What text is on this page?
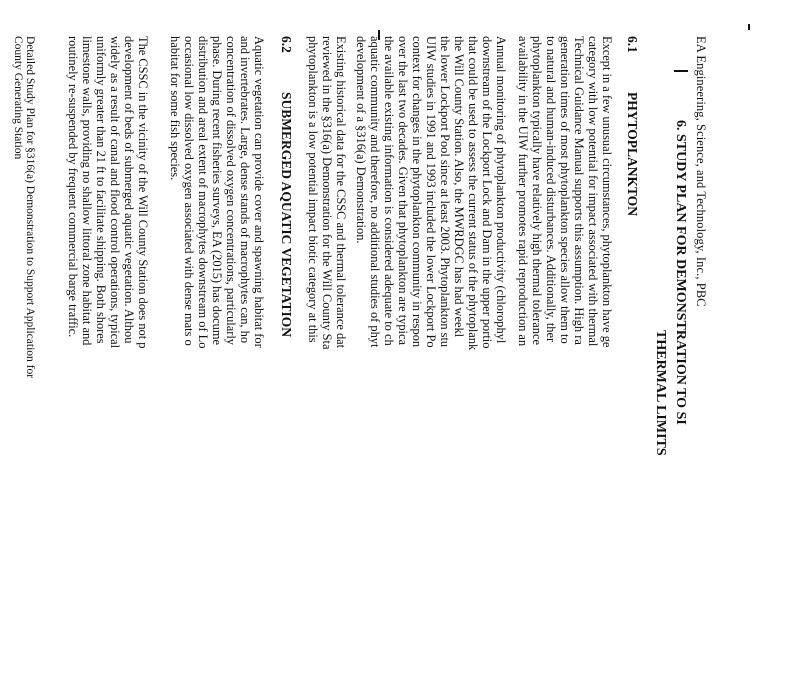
EA Engineering, Science, and Technology, Inc., PBC
6. STUDY PLAN FOR DEMONSTRATION TO SI
THERMAL LIMITS
6.1
PHYTOPLANKTON
Except in a few unusual circumstances, phytoplankton have ge
category with low potential for impact associated with thermal
Technical Guidance Manual supports this assumption. High ra
generation times of most phytoplankton species allow them to
to natural and human-induced disturbances. Additionally, ther
phytoplankton typically have relatively high thermal tolerance
availability in the UIW further promotes rapid reproduction an
Annual monitoring of phytoplankton productivity (chlorophyl
downstream of the Lockport Lock and Dam in the upper portio
that could be used to assess the current status of the phytoplank
the Will County Station. Also, the MWRDGC has had weekl
the lower Lockport Pool since at least 2003. Phytoplankton stu
UIW studies in 1991 and 1993 included the lower Lockport Po
context for changes in the phytoplankton community in respon
over the last two decades. Given that phytoplankton are typica
the available existing information is considered adequate to ch
aquatic community and therefore, no additional studies of phyt
development of a §316(a) Demonstration.
Existing historical data for the CSSC and thermal tolerance dat
reviewed in the §316(a) Demonstration for the Will County Sta
phytoplankton is a low potential impact biotic category at this
6.2
SUBMERGED AQUATIC VEGETATION
Aquatic vegetation can provide cover and spawning habitat for
and invertebrates. Large, dense stands of macrophytes can, ho
concentration of dissolved oxygen concentrations, particularly
phase. During recent fisheries surveys, EA (2015) has docume
distribution and areal extent of macrophytes downstream of Lo
occasional low dissolved oxygen associated with dense mats o
habitat for some fish species.
The CSSC in the vicinity of the Will County Station does not p
development of beds of submerged aquatic vegetation. Althou
widely as a result of canal and flood control operations, typical
uniformly greater than 21 ft to facilitate shipping. Both shores
limestone walls, providing no shallow littoral zone habitat and
routinely re-suspended by frequent commercial barge traffic.
Detailed Study Plan for §316(a) Demonstration to Support Application for
County Generating Station
